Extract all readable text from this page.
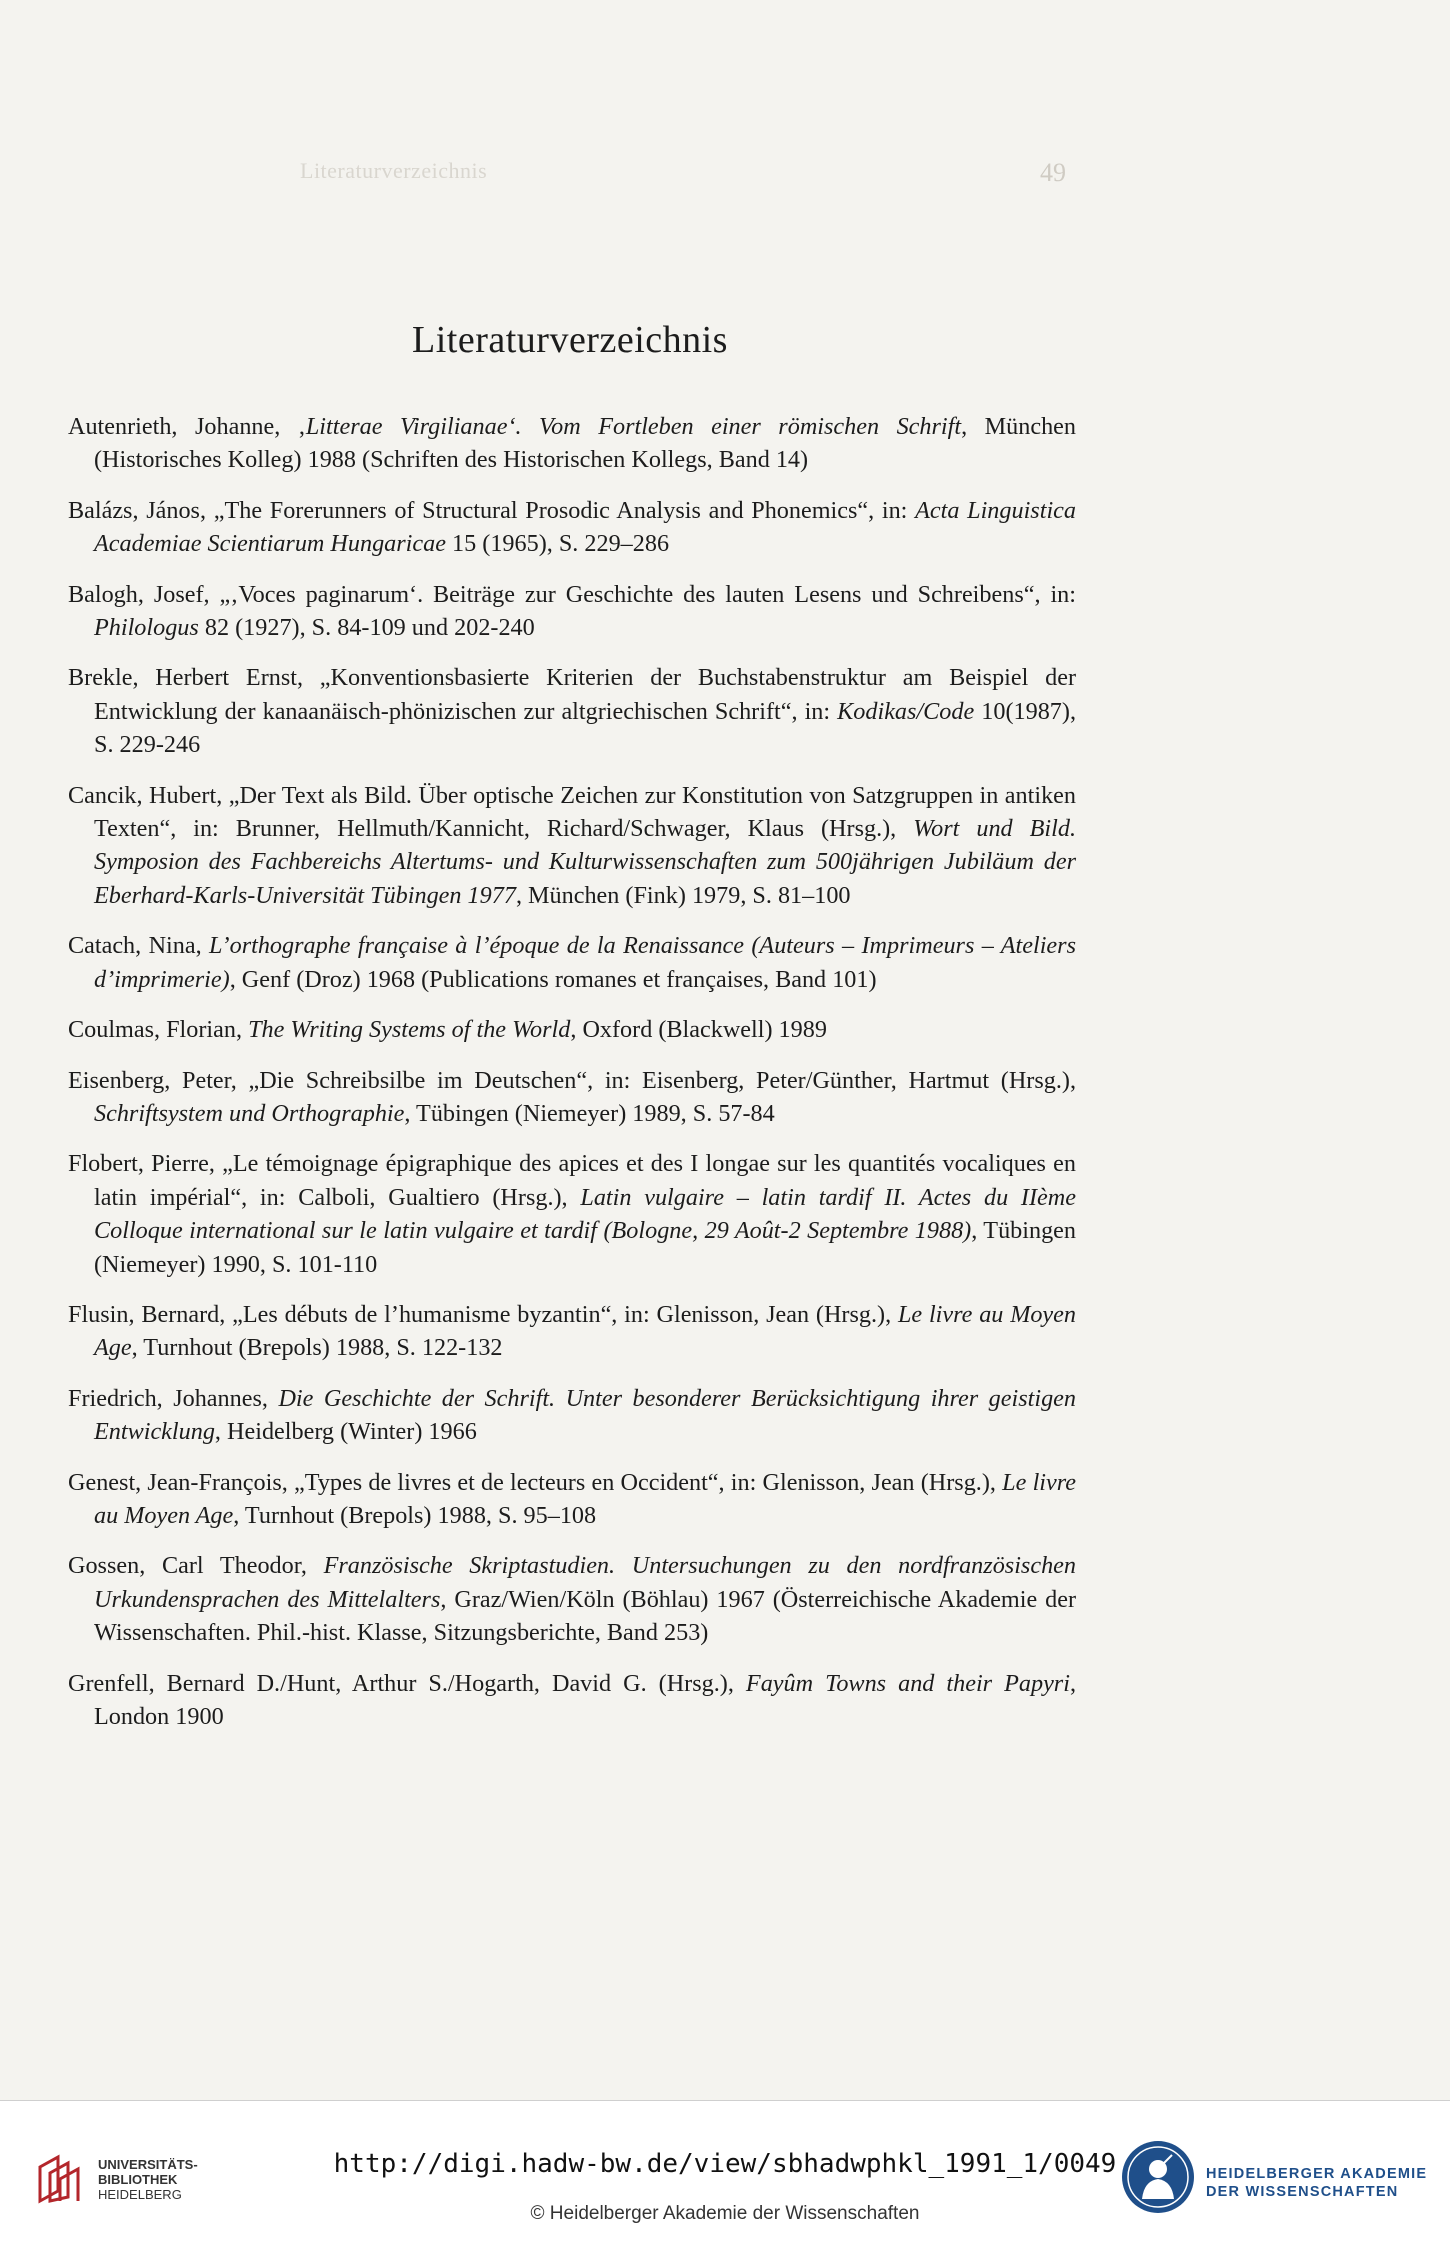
Literaturverzeichnis	49
Literaturverzeichnis

Autenrieth, Johanne, ‚Litterae Virgilianae‘. Vom Fortleben einer römischen Schrift, München (Historisches Kolleg) 1988 (Schriften des Historischen Kollegs, Band 14)

Balázs, János, „The Forerunners of Structural Prosodic Analysis and Phonemics“, in: Acta Linguistica Academiae Scientiarum Hungaricae 15 (1965), S. 229–286

Balogh, Josef, „‚Voces paginarum‘. Beiträge zur Geschichte des lauten Lesens und Schreibens“, in: Philologus 82 (1927), S. 84-109 und 202-240

Brekle, Herbert Ernst, „Konventionsbasierte Kriterien der Buchstabenstruktur am Beispiel der Entwicklung der kanaanäisch-phönizischen zur altgriechischen Schrift“, in: Kodikas/Code 10(1987), S. 229-246

Cancik, Hubert, „Der Text als Bild. Über optische Zeichen zur Konstitution von Satzgruppen in antiken Texten“, in: Brunner, Hellmuth/Kannicht, Richard/Schwager, Klaus (Hrsg.), Wort und Bild. Symposion des Fachbereichs Altertums- und Kulturwissenschaften zum 500jährigen Jubiläum der Eberhard-Karls-Universität Tübingen 1977, München (Fink) 1979, S. 81–100

Catach, Nina, L’orthographe française à l’époque de la Renaissance (Auteurs – Imprimeurs – Ateliers d’imprimerie), Genf (Droz) 1968 (Publications romanes et françaises, Band 101)

Coulmas, Florian, The Writing Systems of the World, Oxford (Blackwell) 1989

Eisenberg, Peter, „Die Schreibsilbe im Deutschen“, in: Eisenberg, Peter/Günther, Hartmut (Hrsg.), Schriftsystem und Orthographie, Tübingen (Niemeyer) 1989, S. 57-84

Flobert, Pierre, „Le témoignage épigraphique des apices et des I longae sur les quantités vocaliques en latin impérial“, in: Calboli, Gualtiero (Hrsg.), Latin vulgaire – latin tardif II. Actes du IIème Colloque international sur le latin vulgaire et tardif (Bologne, 29 Août-2 Septembre 1988), Tübingen (Niemeyer) 1990, S. 101-110

Flusin, Bernard, „Les débuts de l’humanisme byzantin“, in: Glenisson, Jean (Hrsg.), Le livre au Moyen Age, Turnhout (Brepols) 1988, S. 122-132

Friedrich, Johannes, Die Geschichte der Schrift. Unter besonderer Berücksichtigung ihrer geistigen Entwicklung, Heidelberg (Winter) 1966

Genest, Jean-François, „Types de livres et de lecteurs en Occident“, in: Glenisson, Jean (Hrsg.), Le livre au Moyen Age, Turnhout (Brepols) 1988, S. 95–108

Gossen, Carl Theodor, Französische Skriptastudien. Untersuchungen zu den nordfranzösischen Urkundensprachen des Mittelalters, Graz/Wien/Köln (Böhlau) 1967 (Österreichische Akademie der Wissenschaften. Phil.-hist. Klasse, Sitzungsberichte, Band 253)

Grenfell, Bernard D./Hunt, Arthur S./Hogarth, David G. (Hrsg.), Fayûm Towns and their Papyri, London 1900

UNIVERSITÄTS-
BIBLIOTHEK
HEIDELBERG
http://digi.hadw-bw.de/view/sbhadwphkl_1991_1/0049
© Heidelberger Akademie der Wissenschaften
HEIDELBERGER AKADEMIE
DER WISSENSCHAFTEN
